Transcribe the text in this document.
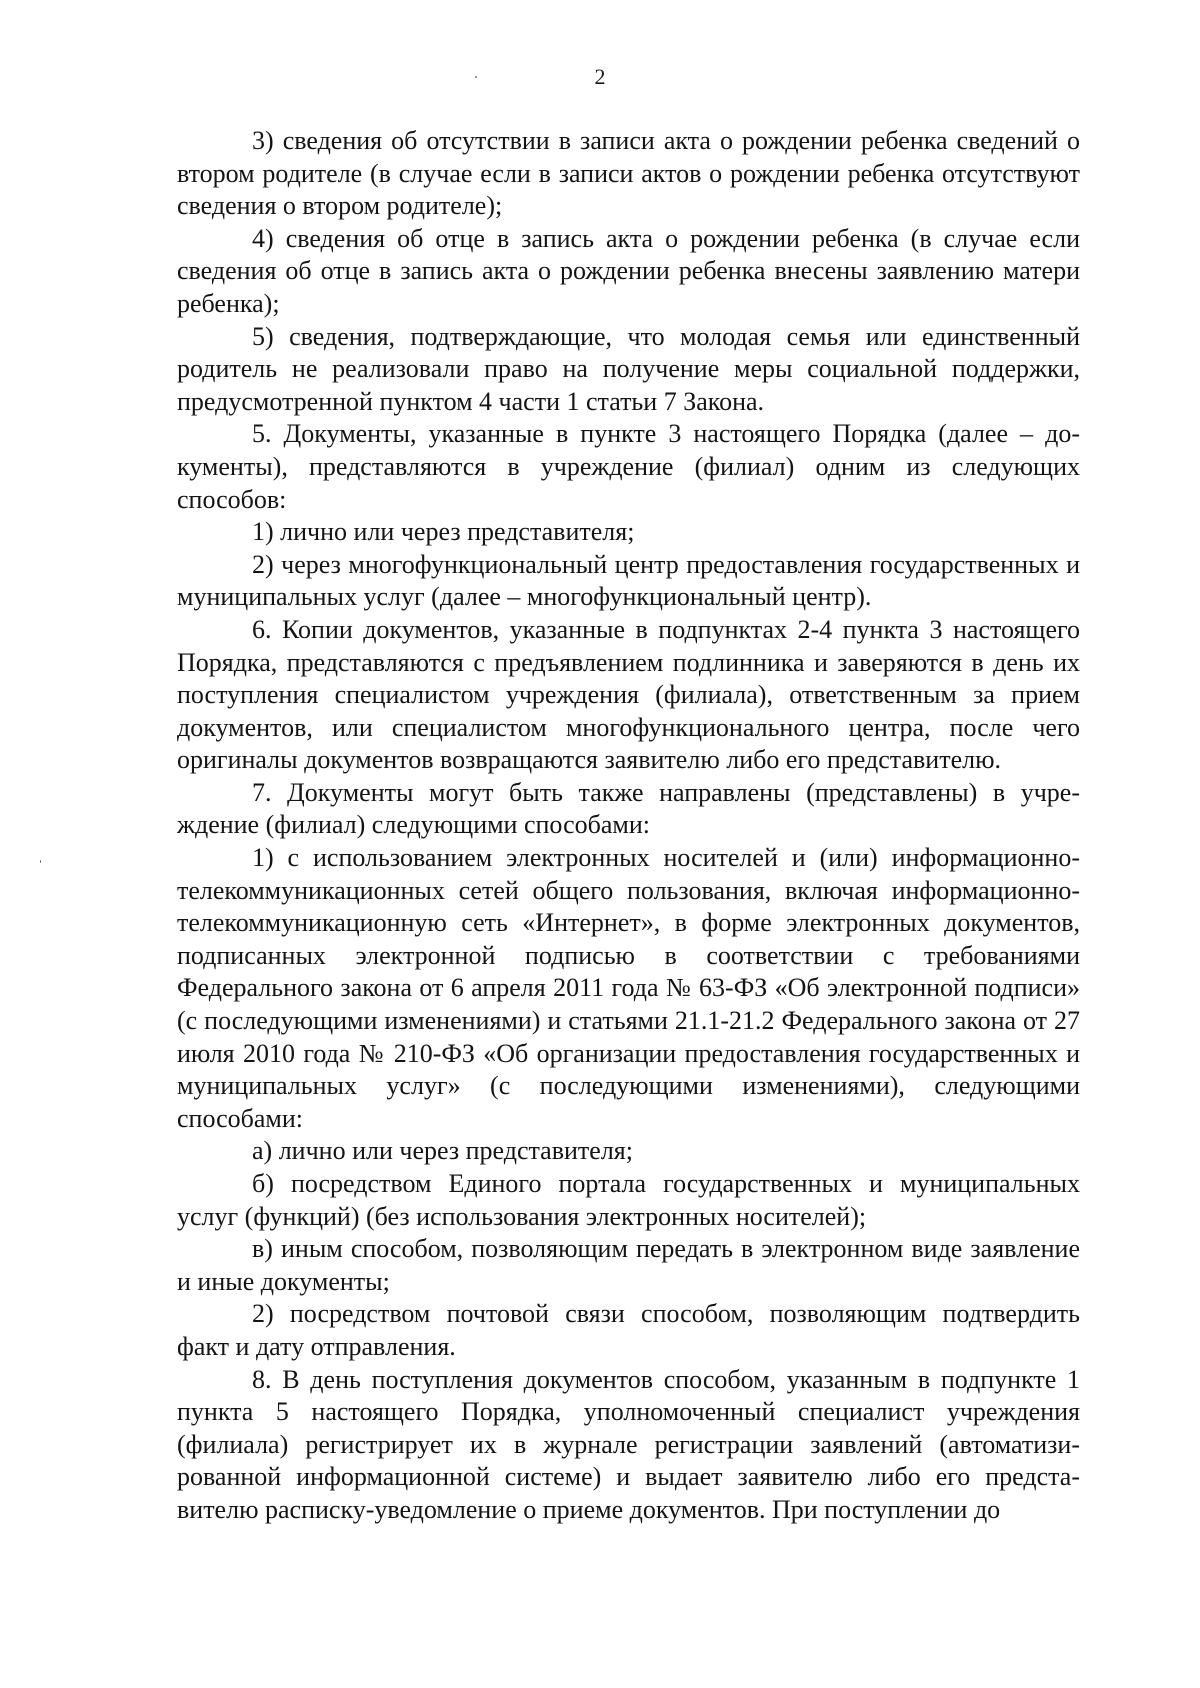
2

3) сведения об отсутствии в записи акта о рождении ребенка сведений о втором родителе (в случае если в записи актов о рождении ребенка отсутствуют сведения о втором родителе);

4) сведения об отце в запись акта о рождении ребенка (в случае если сведения об отце в запись акта о рождении ребенка внесены заявлению матери ребенка);

5) сведения, подтверждающие, что молодая семья или единственный родитель не реализовали право на получение меры социальной поддержки, предусмотренной пунктом 4 части 1 статьи 7 Закона.

5. Документы, указанные в пункте 3 настоящего Порядка (далее – документы), представляются в учреждение (филиал) одним из следующих способов:

1) лично или через представителя;

2) через многофункциональный центр предоставления государственных и муниципальных услуг (далее – многофункциональный центр).

6. Копии документов, указанные в подпунктах 2-4 пункта 3 настоящего Порядка, представляются с предъявлением подлинника и заверяются в день их поступления специалистом учреждения (филиала), ответственным за прием документов, или специалистом многофункционального центра, после чего оригиналы документов возвращаются заявителю либо его представителю.

7. Документы могут быть также направлены (представлены) в учреждение (филиал) следующими способами:

1) с использованием электронных носителей и (или) информационно-телекоммуникационных сетей общего пользования, включая информационно-телекоммуникационную сеть «Интернет», в форме электронных документов, подписанных электронной подписью в соответствии с требованиями Федерального закона от 6 апреля 2011 года № 63-ФЗ «Об электронной подписи» (с последующими изменениями) и статьями 21.1-21.2 Федерального закона от 27 июля 2010 года № 210-ФЗ «Об организации предоставления государственных и муниципальных услуг» (с последующими изменениями), следующими способами:

а) лично или через представителя;

б) посредством Единого портала государственных и муниципальных услуг (функций) (без использования электронных носителей);

в) иным способом, позволяющим передать в электронном виде заявление и иные документы;

2) посредством почтовой связи способом, позволяющим подтвердить факт и дату отправления.

8. В день поступления документов способом, указанным в подпункте 1 пункта 5 настоящего Порядка, уполномоченный специалист учреждения (филиала) регистрирует их в журнале регистрации заявлений (автоматизированной информационной системе) и выдает заявителю либо его представителю расписку-уведомление о приеме документов. При поступлении до
